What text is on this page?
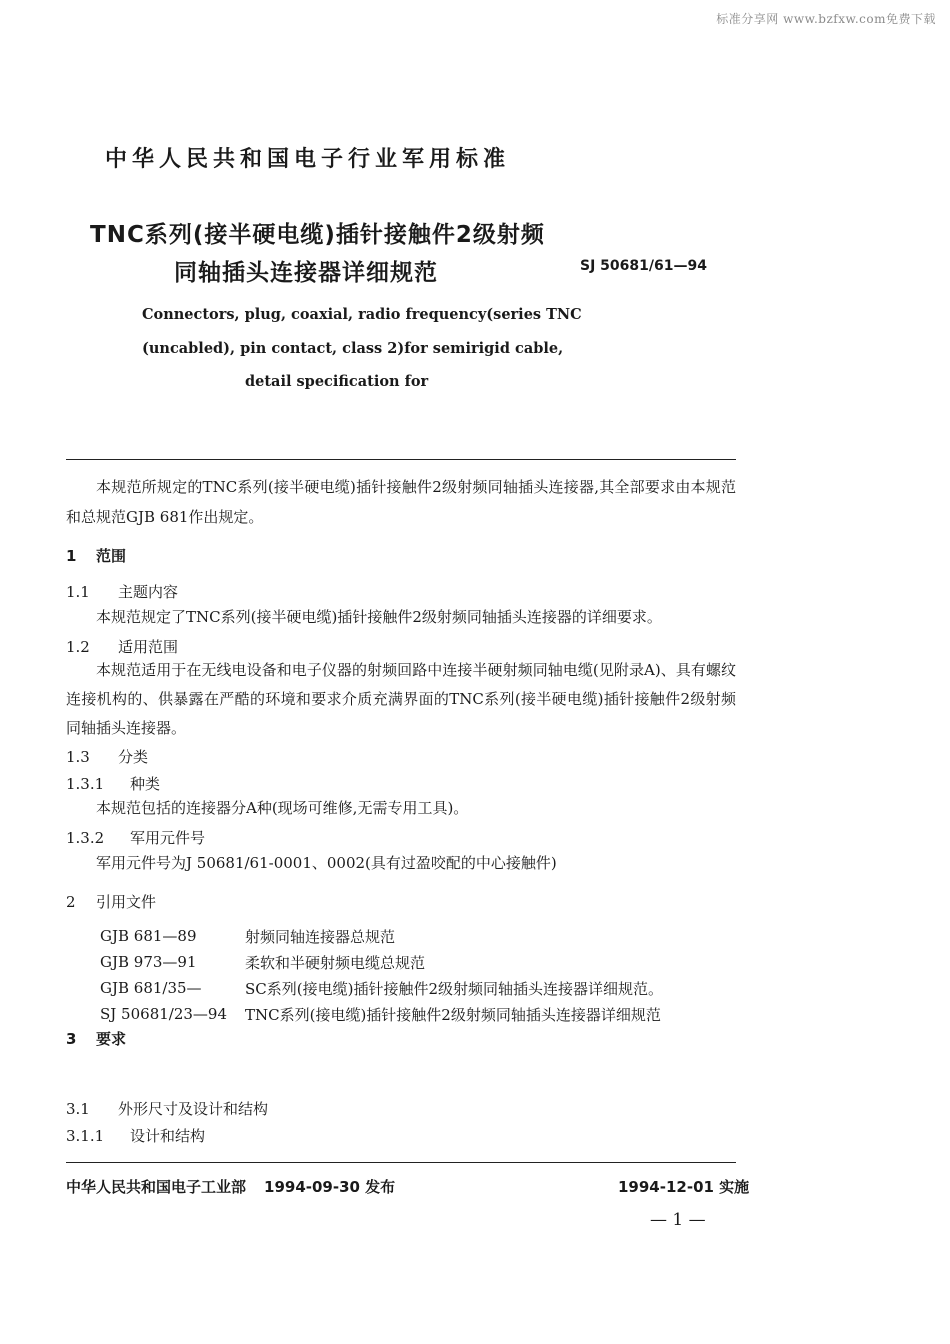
标准分享网 www.bzfxw.com免费下载
中华人民共和国电子行业军用标准
TNC系列(接半硬电缆)插针接触件2级射频
同轴插头连接器详细规范	SJ 50681/61—94
Connectors, plug, coaxial, radio frequency(series TNC
(uncabled), pin contact, class 2)for semirigid cable,
detail specification for
本规范所规定的TNC系列(接半硬电缆)插针接触件2级射频同轴插头连接器,其全部要求由本规范和总规范GJB 681作出规定。
1 范围
1.1 主题内容
本规范规定了TNC系列(接半硬电缆)插针接触件2级射频同轴插头连接器的详细要求。
1.2 适用范围
本规范适用于在无线电设备和电子仪器的射频回路中连接半硬射频同轴电缆(见附录A)、具有螺纹连接机构的、供暴露在严酷的环境和要求介质充满界面的TNC系列(接半硬电缆)插针接触件2级射频同轴插头连接器。
1.3 分类
1.3.1 种类
本规范包括的连接器分A种(现场可维修,无需专用工具)。
1.3.2 军用元件号
军用元件号为J 50681/61-0001、0002(具有过盈咬配的中心接触件)
2 引用文件
GJB 681—89	射频同轴连接器总规范
GJB 973—91	柔软和半硬射频电缆总规范
GJB 681/35—	SC系列(接电缆)插针接触件2级射频同轴插头连接器详细规范。
SJ 50681/23—94	TNC系列(接电缆)插针接触件2级射频同轴插头连接器详细规范
3 要求
3.1 外形尺寸及设计和结构
3.1.1 设计和结构
中华人民共和国电子工业部 1994-09-30 发布	1994-12-01 实施
— 1 —
